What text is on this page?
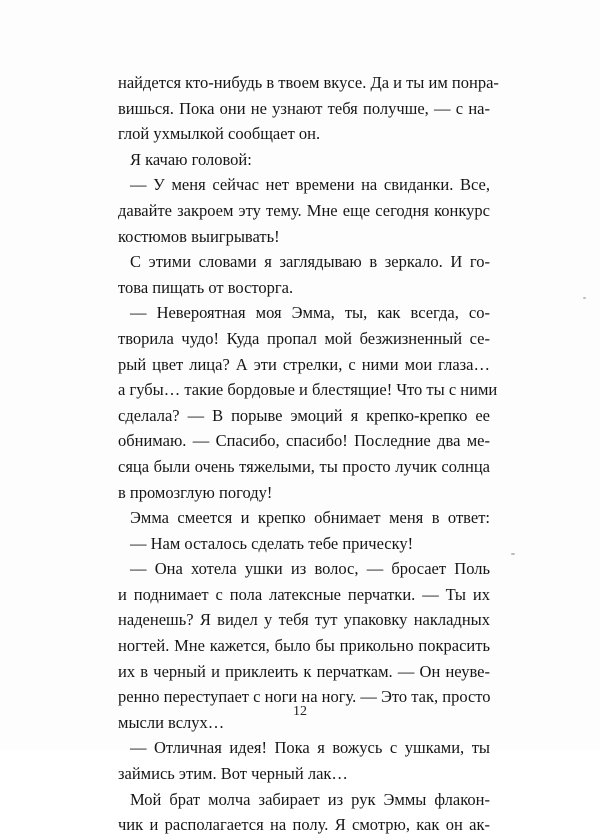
найдется кто-нибудь в твоем вкусе. Да и ты им понра-
вишься. Пока они не узнают тебя получше, — с на-
глой ухмылкой сообщает он.
Я качаю головой:
— У меня сейчас нет времени на свиданки. Все,
давайте закроем эту тему. Мне еще сегодня конкурс
костюмов выигрывать!
С этими словами я заглядываю в зеркало. И го-
това пищать от восторга.
— Невероятная моя Эмма, ты, как всегда, со-
творила чудо! Куда пропал мой безжизненный се-
рый цвет лица? А эти стрелки, с ними мои глаза…
а губы… такие бордовые и блестящие! Что ты с ними
сделала? — В порыве эмоций я крепко-крепко ее
обнимаю. — Спасибо, спасибо! Последние два ме-
сяца были очень тяжелыми, ты просто лучик солнца
в промозглую погоду!
Эмма смеется и крепко обнимает меня в ответ:
— Нам осталось сделать тебе прическу!
— Она хотела ушки из волос, — бросает Поль
и поднимает с пола латексные перчатки. — Ты их
наденешь? Я видел у тебя тут упаковку накладных
ногтей. Мне кажется, было бы прикольно покрасить
их в черный и приклеить к перчаткам. — Он неуве-
ренно переступает с ноги на ногу. — Это так, просто
мысли вслух…
— Отличная идея! Пока я вожусь с ушками, ты
займись этим. Вот черный лак…
Мой брат молча забирает из рук Эммы флакон-
чик и располагается на полу. Я смотрю, как он ак-
12
